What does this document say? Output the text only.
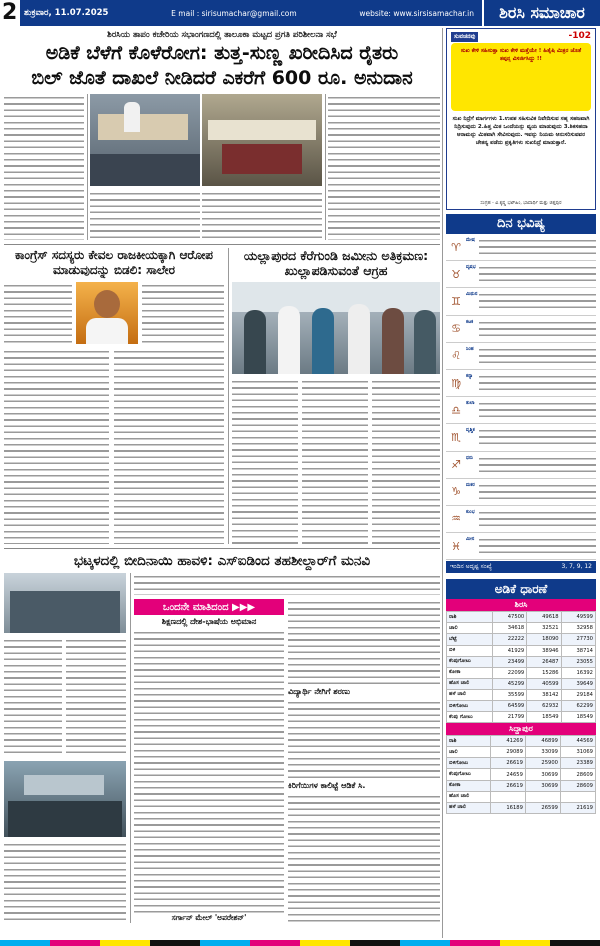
2 ಶುಕ್ರವಾರ, 11.07.2025	E mail : sirisumachar@gmail.com	website: www.sirsisamachar.in	ಶಿರಸಿ ಸಮಾಚಾರ
ಶಿರಸಿಯ ತಾಪಂ ಕಚೇರಿಯ ಸಭಾಂಗಣದಲ್ಲಿ ತಾಲೂಕಾ ಮಟ್ಟದ ಪ್ರಗತಿ ಪರಿಶೀಲನಾ ಸಭೆ
ಅಡಿಕೆ ಬೆಳೆಗೆ ಕೊಳೆರೋಗ: ತುತ್ತ-ಸುಣ್ಣ ಖರೀದಿಸಿದ ರೈತರು
ಬಿಲ್ ಜೊತೆ ದಾಖಲೆ ನೀಡಿದರೆ ಎಕರೆಗೆ 600 ರೂ. ಅನುದಾನ
ಕಾಂಗ್ರೆಸ್ ಸದಸ್ಯರು ಕೇವಲ ರಾಜಕೀಯಕ್ಕಾಗಿ ಆರೋಪ ಮಾಡುವುದನ್ನು ಬಿಡಲಿ: ಸಾಲೇರ
ಯಲ್ಲಾಪುರದ ಕೆರೆಗುಂಡಿ ಜಮೀನು ಅತಿಕ್ರಮಣ: ಖುಲ್ಲಾಪಡಿಸುವಂತೆ ಆಗ್ರಹ
ಭಟ್ಕಳದಲ್ಲಿ ಬೀದಿನಾಯಿ ಹಾವಳಿ: ಎಸ್‌ಐಡಿಂದ ತಹಶೀಲ್ದಾರ್‌ಗೆ ಮನವಿ
ಒಂದನೇ ಮಾತಿದಂದ ▶▶▶
ಶಿಕ್ಷಣದಲ್ಲಿ ದೇಶ-ಭಾಷೆಯ ಅಭಿಮಾನ
ವಿದ್ಯಾರ್ಥಿ ನೇಗಿಗೆ ಶರಣು
ಕಿರಿಗೆಯಿಗಳ ಕಾಲಿಟ್ಟೆ ಆಡಿಕೆ ಸಿ.
ಸರ್ಗಾನ್ ಮೇಲ್ 'ಅಪರೇಶನ್'
ಸುವಚನವು	-102
ಸುಖ ಕೇಳಿ ಸಹಿಸುತ್ತಾ ಸುಖ ಕೇಳಿ ಮತ್ತೆಯೇ ! ಹಿತೈಷಿ ಮಿತ್ರರ ಜೊತೆ ತಪ್ಪನ್ನ ವಿಸರ್ಜಿಸಿದ್ದು !!
ಸುಖ ನಿದ್ರೆಗೆ ಮಾರ್ಗಗಳು 1.ಉಪಶ ಸಹಿಸುವಿಕ ನಿವೇದಿಸುವ ಸಹ್ನ ಸಹಜವಾಗಿ ನಿದ್ರಿಸುವುದು 2.ಹಿತ್ತ ಮಿತ ಒಂದೆಯನ್ನು ವ್ಯಯ ಮಾಡುವುದು 3.ಶಿಕಸಹದಾ ಆರಾಮನ್ನು ಮಿತವಾಗಿ ಸೇವಿಸುವುದು. ಇವನ್ನು ನಿಯಮ ಆನುಸರಿಸುವವರ ಚೇತನ್ಯ ಪಡೆದು ಪ್ರಕೃತಿಗಳು ಸುಖನಿದ್ರೆ ಮಾಡುತ್ತಾರೆ.
ಸಂಗ್ರಹ - ವಿ.ಕೃಷ್ಣ ಭಟ್‌ಹಿಂ, ಭಾವಾರ್ಥಿ ಮತ್ತು ಚಿತ್ತಪುರ
ದಿನ ಭವಿಷ್ಯ
♈
ಮೇಷ
♉
ವೃಷಭ
♊
ಮಿಥುನ
♋
ಕಟಕ
♌
ಸಿಂಹ
♍
ಕನ್ಯಾ
♎
ತುಲಾ
♏
ವೃಶ್ಚಿಕ
♐
ಧನು
♑
ಮಕರ
♒
ಕುಂಭ
♓
ಮೀನ
ಇಂದಿನ ಅದೃಷ್ಟ ಸಂಖ್ಯೆ	3, 7, 9, 12
ಅಡಿಕೆ ಧಾರಣೆ
ಶಿರಸಿ
ರಾಶಿ	47500	49618	49599
ಚಾಲಿ	34618	32521	32958
ಬೆಟ್ಟೆ	22222	18090	27730
ಬಿಳಿ	41929	38946	38714
ಕೆಂಪುಗೋಟು	23499	26487	23055
ಕೋಕಾ	22099	15286	16392
ಹೊಸ ಚಾಲಿ	45299	40599	39649
ಹಳೆ ಚಾಲಿ	35599	38142	29184
ಬಿಳಿಗೋಟು	64599	62932	62299
ಕೆಂಪು ಗೋಟು	21799	18549	18549
ಸಿದ್ದಾಪುರ
ರಾಶಿ	41269	46899	44569
ಚಾಲಿ	29089	33099	31069
ಬಿಳಿಗೋಟು	26619	25900	23389
ಕೆಂಪುಗೋಟು	24659	30699	28609
ಕೋಕಾ	26619	30699	28609
ಹೊಸ ಚಾಲಿ			
ಹಳೆ ಚಾಲಿ	16189	26599	21619
